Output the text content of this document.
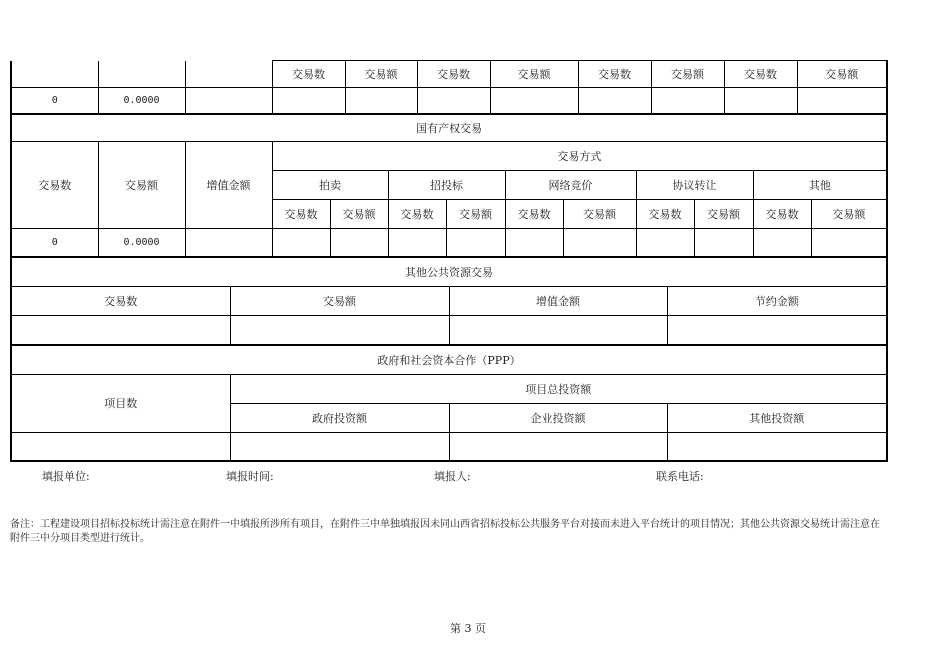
			交易数	交易额	交易数	交易额	交易数	交易额	交易数	交易额
0	0.0000									
国有产权交易												
交易数	交易额	增值金额	交易方式									
			拍卖		招投标		网络竞价		协议转让		其他	
			交易数	交易额	交易数	交易额	交易数	交易额	交易数	交易额	交易数	交易额
0	0.0000											
其他公共资源交易			
交易数	交易额	增值金额	节约金额

政府和社会资本合作（PPP）			
项目数	项目总投资额		
	政府投资额	企业投资额	其他投资额

填报单位:	填报时间:	填报人:	联系电话:
备注：工程建设项目招标投标统计需注意在附件一中填报所涉所有项目，在附件三中单独填报因未同山西省招标投标公共服务平台对接而未进入平台统计的项目情况；其他公共资源交易统计需注意在附件三中分项目类型进行统计。
第 3 页
